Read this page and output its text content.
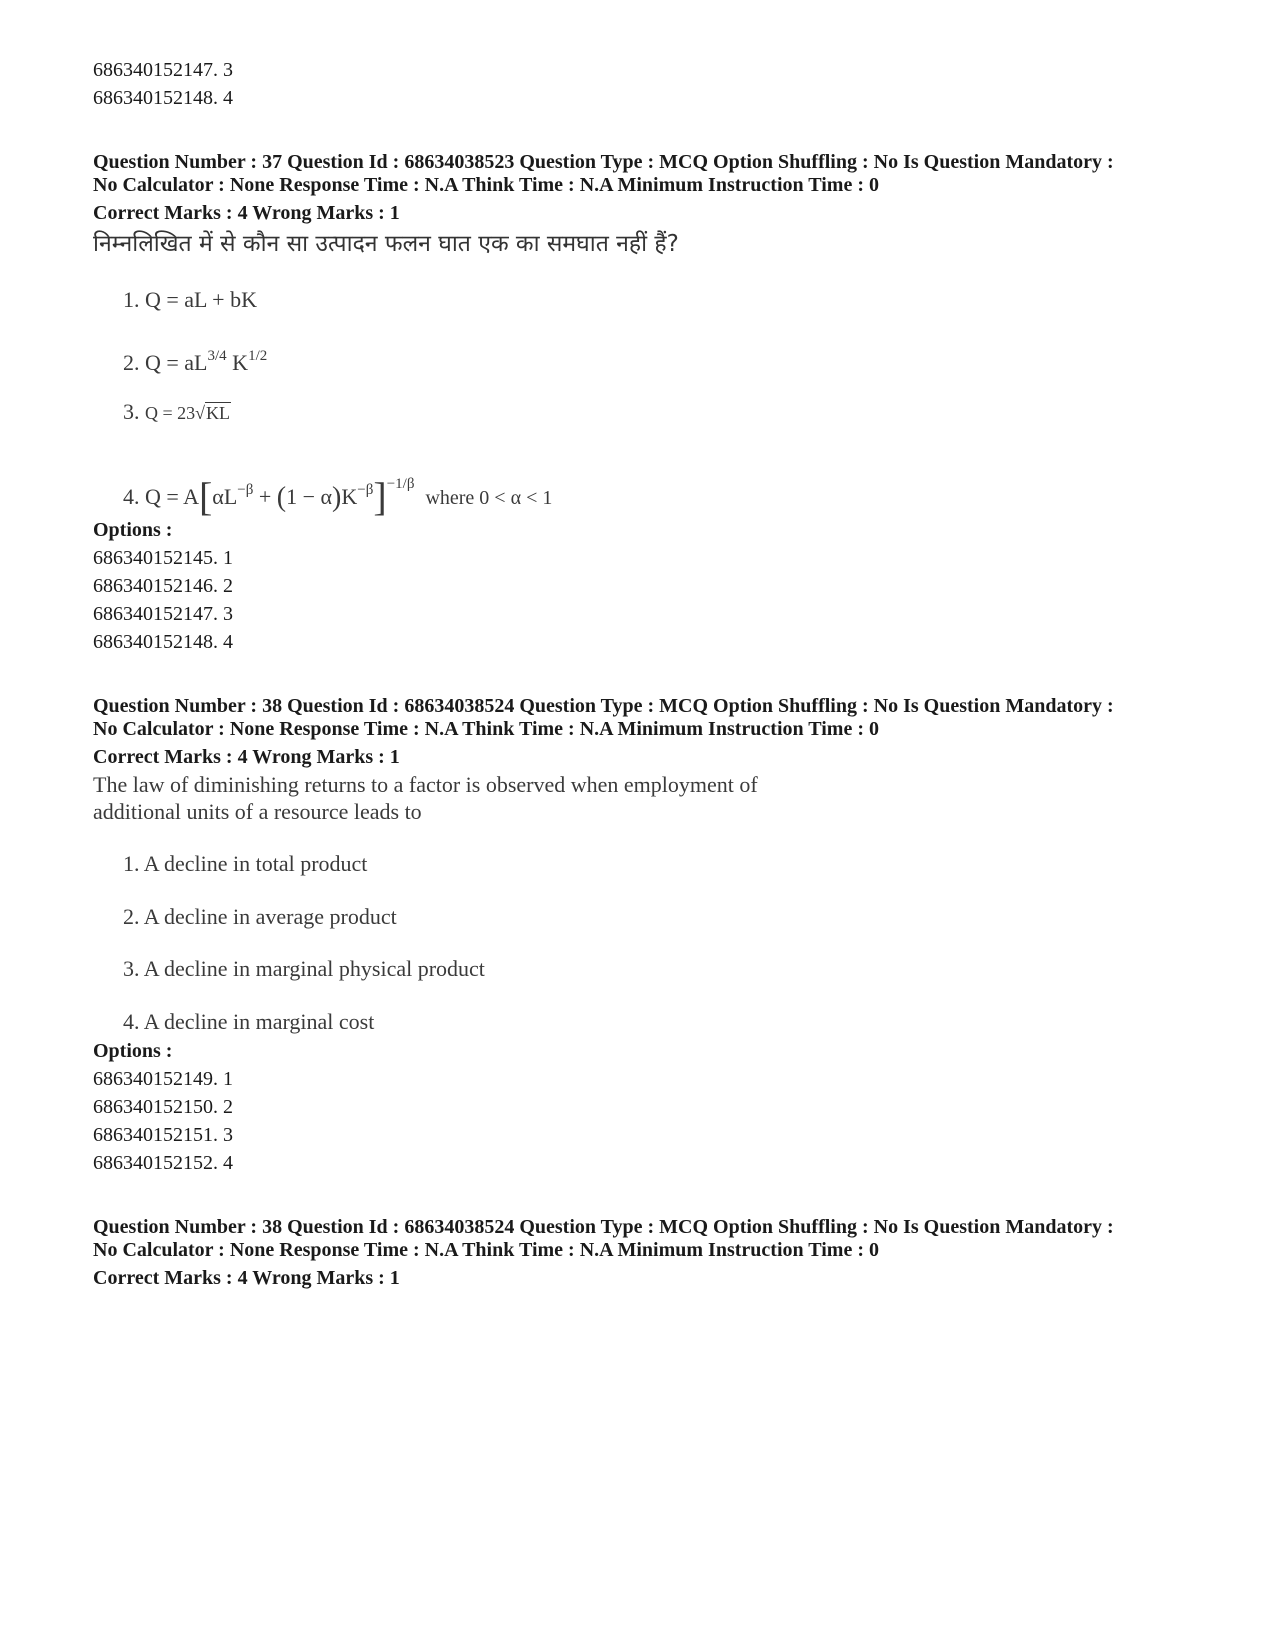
686340152147. 3
686340152148. 4
Question Number : 37 Question Id : 68634038523 Question Type : MCQ Option Shuffling : No Is Question Mandatory :
No Calculator : None Response Time : N.A Think Time : N.A Minimum Instruction Time : 0
Correct Marks : 4 Wrong Marks : 1
निम्नलिखित में से कौन सा उत्पादन फलन घात एक का समघात नहीं हैं?
1. Q = aL + bK
2. $Q = aL^{3/4}$ $K^{1/2}$
3. Q = 23√KL
4. $Q = A[\alpha L^{-\beta} + (1 - \alpha)K^{-\beta}]^{-1/\beta}$  where 0 < α < 1
Options :
686340152145. 1
686340152146. 2
686340152147. 3
686340152148. 4
Question Number : 38 Question Id : 68634038524 Question Type : MCQ Option Shuffling : No Is Question Mandatory :
No Calculator : None Response Time : N.A Think Time : N.A Minimum Instruction Time : 0
Correct Marks : 4 Wrong Marks : 1
The law of diminishing returns to a factor is observed when employment of
additional units of a resource leads to
1. A decline in total product
2. A decline in average product
3. A decline in marginal physical product
4. A decline in marginal cost
Options :
686340152149. 1
686340152150. 2
686340152151. 3
686340152152. 4
Question Number : 38 Question Id : 68634038524 Question Type : MCQ Option Shuffling : No Is Question Mandatory :
No Calculator : None Response Time : N.A Think Time : N.A Minimum Instruction Time : 0
Correct Marks : 4 Wrong Marks : 1
